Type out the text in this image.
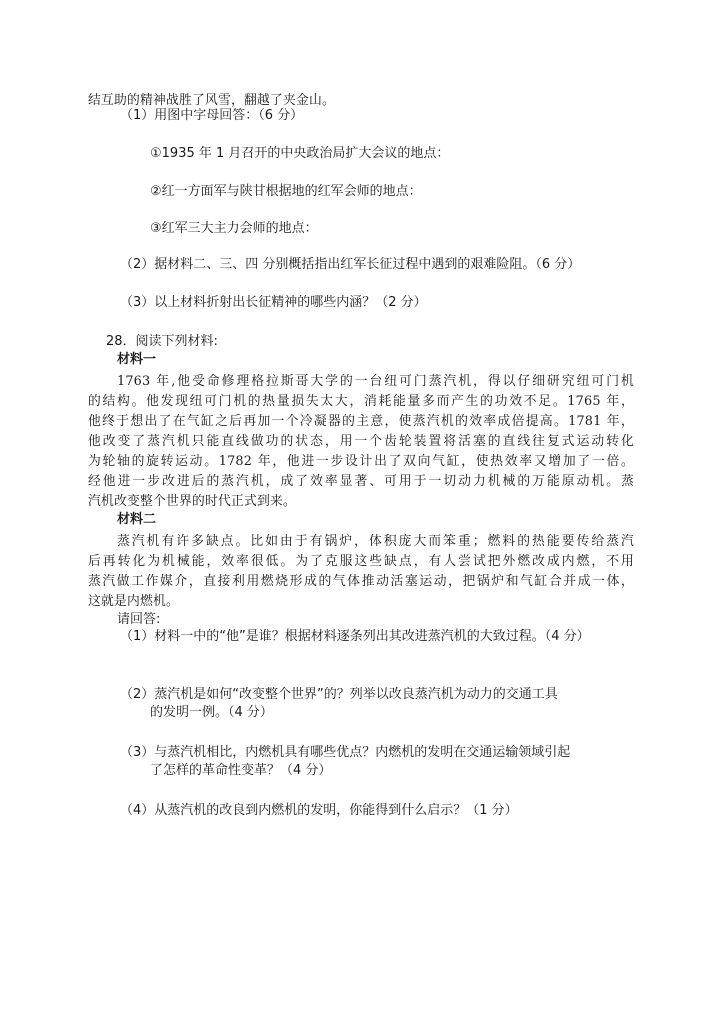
结互助的精神战胜了风雪，翻越了夹金山。
（1）用图中字母回答：（6 分）
①1935 年 1 月召开的中央政治局扩大会议的地点：
②红一方面军与陕甘根据地的红军会师的地点：
③红军三大主力会师的地点：
（2）据材料二、三、四 分别概括指出红军长征过程中遇到的艰难险阻。（6 分）
（3）以上材料折射出长征精神的哪些内涵？（2 分）
28．阅读下列材料:
材料一
1763 年,他受命修理格拉斯哥大学的一台纽可门蒸汽机，得以仔细研究纽可门机
的结构。他发现纽可门机的热量损失太大，消耗能量多而产生的功效不足。1765 年，
他终于想出了在气缸之后再加一个冷凝器的主意，使蒸汽机的效率成倍提高。1781 年，
他改变了蒸汽机只能直线做功的状态，用一个齿轮装置将活塞的直线往复式运动转化
为轮轴的旋转运动。1782 年，他进一步设计出了双向气缸，使热效率又增加了一倍。
经他进一步改进后的蒸汽机，成了效率显著、可用于一切动力机械的万能原动机。蒸
汽机改变整个世界的时代正式到来。
材料二
蒸汽机有许多缺点。比如由于有锅炉，体积庞大而笨重；燃料的热能要传给蒸汽
后再转化为机械能，效率很低。为了克服这些缺点，有人尝试把外燃改成内燃，不用
蒸汽做工作媒介，直接利用燃烧形成的气体推动活塞运动，把锅炉和气缸合并成一体，
这就是内燃机。
请回答:
（1）材料一中的“他”是谁？根据材料逐条列出其改进蒸汽机的大致过程。（4 分）
（2）蒸汽机是如何“改变整个世界”的？列举以改良蒸汽机为动力的交通工具
的发明一例。（4 分）
（3）与蒸汽机相比，内燃机具有哪些优点？内燃机的发明在交通运输领域引起
了怎样的革命性变革？（4 分）
（4）从蒸汽机的改良到内燃机的发明，你能得到什么启示？（1 分）
